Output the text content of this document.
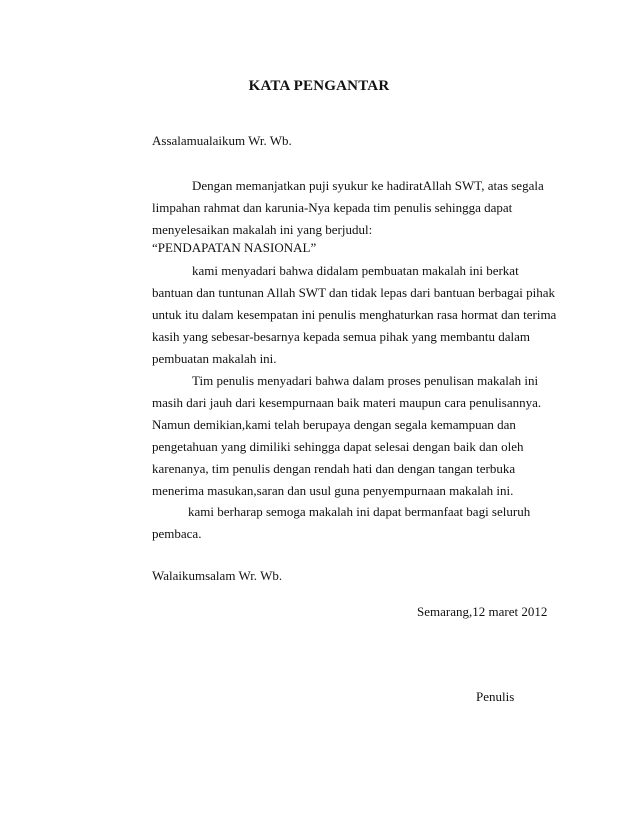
KATA PENGANTAR
Assalamualaikum Wr. Wb.
Dengan memanjatkan puji syukur ke hadiratAllah SWT, atas segala
limpahan rahmat dan karunia-Nya kepada tim penulis sehingga dapat
menyelesaikan makalah ini yang berjudul:
“PENDAPATAN NASIONAL”
kami menyadari bahwa didalam pembuatan makalah ini berkat
bantuan dan tuntunan Allah SWT dan tidak lepas dari bantuan berbagai pihak
untuk itu dalam kesempatan ini penulis menghaturkan rasa hormat dan terima
kasih yang sebesar-besarnya kepada semua pihak yang membantu dalam
pembuatan makalah ini.
Tim penulis menyadari bahwa dalam proses penulisan makalah ini
masih dari jauh dari kesempurnaan baik materi maupun cara penulisannya.
Namun demikian,kami telah berupaya dengan segala kemampuan dan
pengetahuan yang dimiliki sehingga dapat selesai dengan baik dan oleh
karenanya, tim penulis dengan rendah hati dan dengan tangan terbuka
menerima masukan,saran dan usul guna penyempurnaan makalah ini.
kami berharap semoga makalah ini dapat bermanfaat bagi seluruh
pembaca.
Walaikumsalam Wr. Wb.
Semarang,12 maret 2012
Penulis
